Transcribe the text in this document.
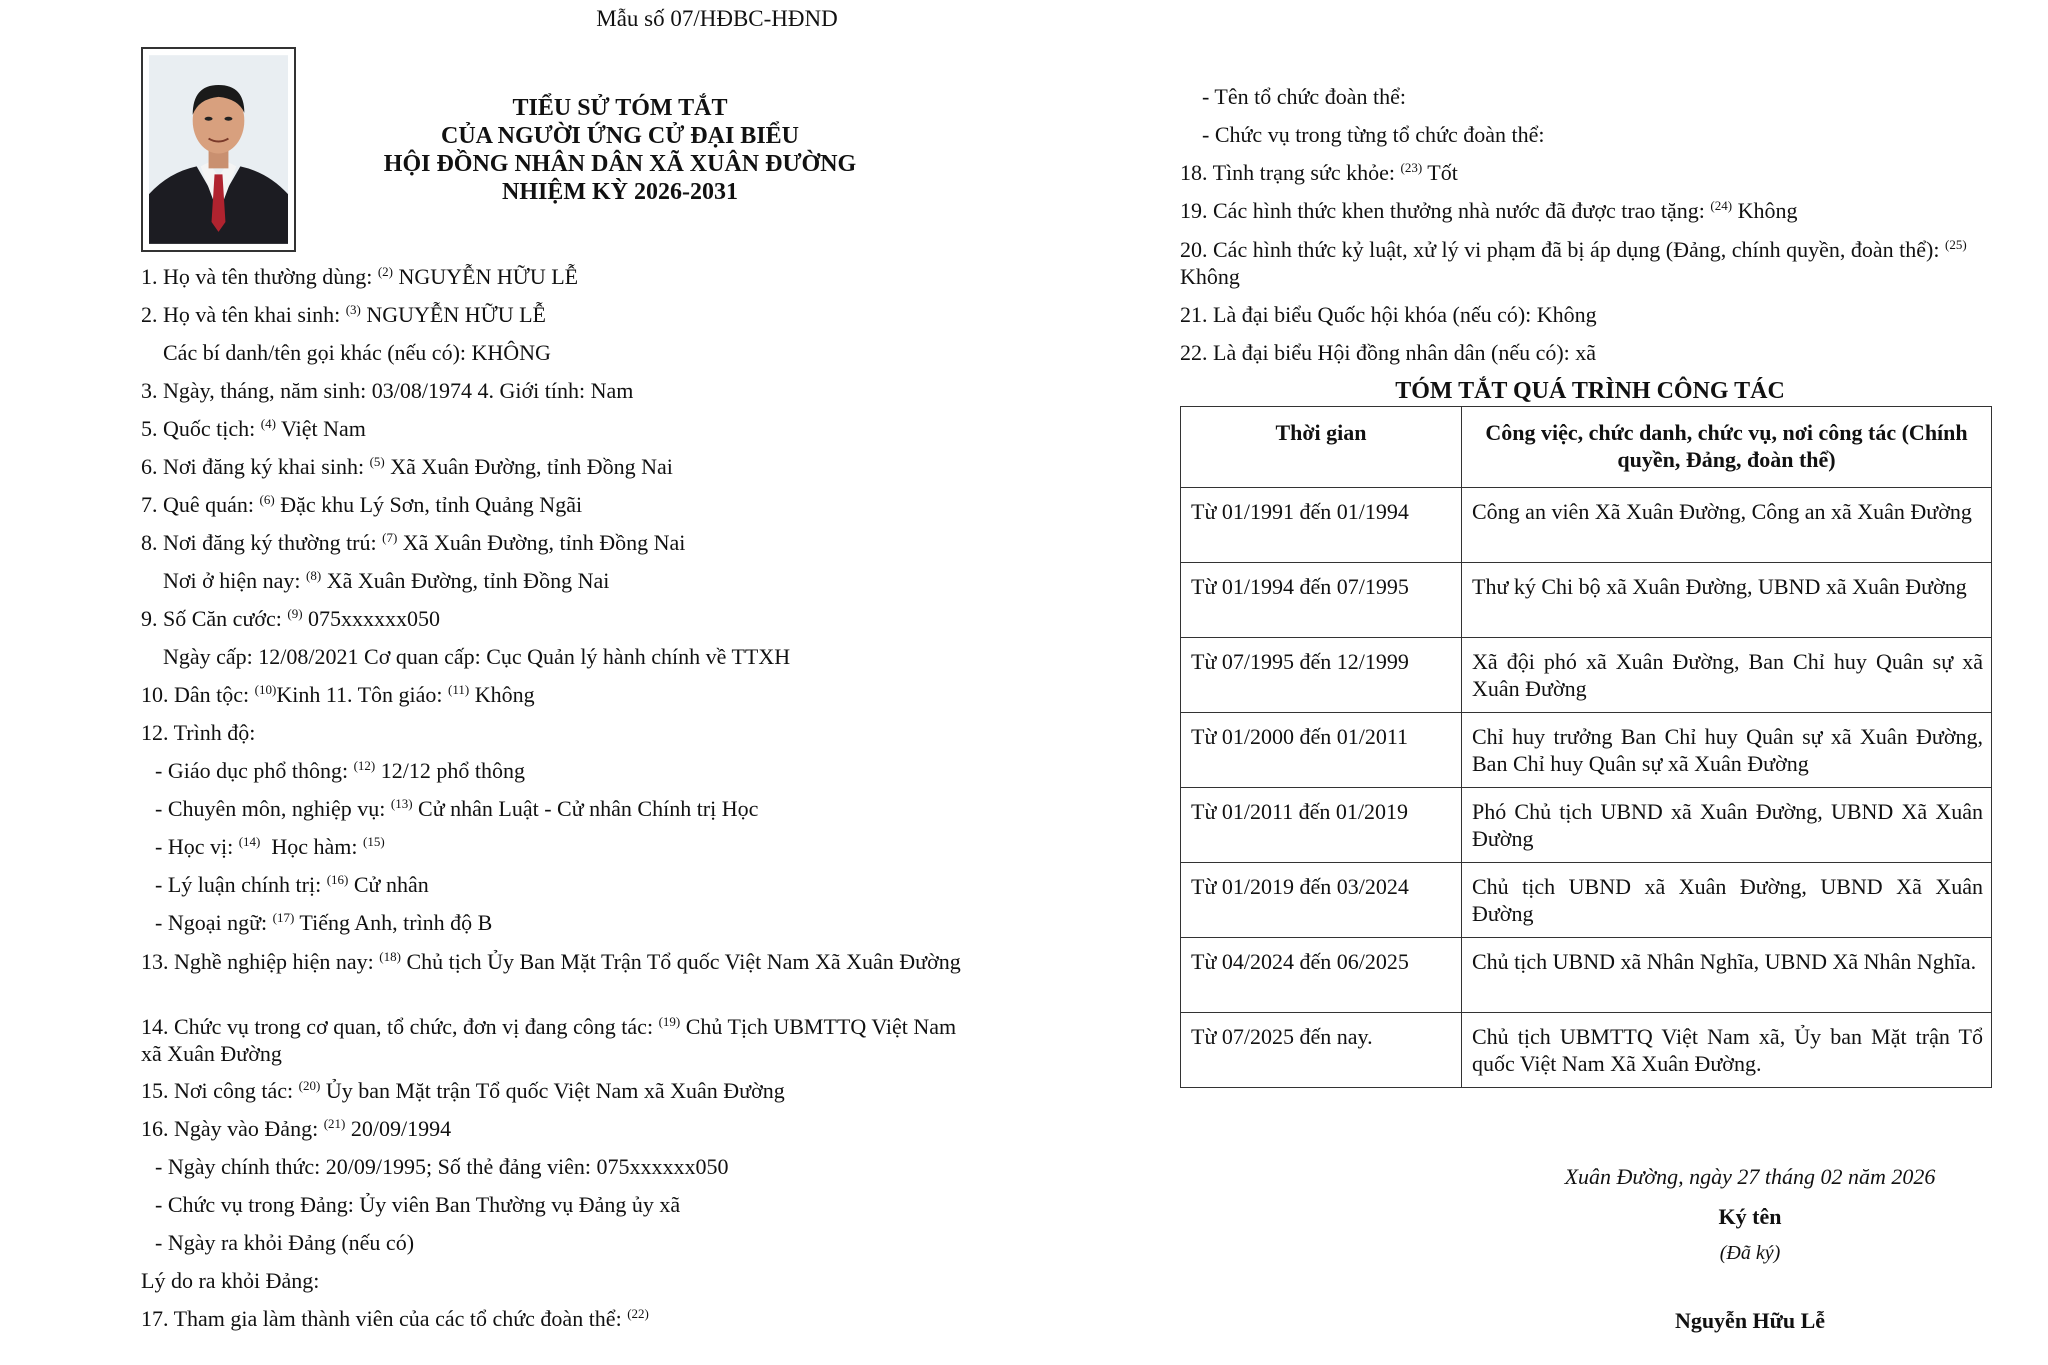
Mẫu số 07/HĐBC-HĐND
TIỂU SỬ TÓM TẮT
CỦA NGƯỜI ỨNG CỬ ĐẠI BIỂU
HỘI ĐỒNG NHÂN DÂN XÃ XUÂN ĐƯỜNG
NHIỆM KỲ 2026-2031
1. Họ và tên thường dùng: $^{(2)}$ NGUYỄN HỮU LỄ
2. Họ và tên khai sinh: $^{(3)}$ NGUYỄN HỮU LỄ
Các bí danh/tên gọi khác (nếu có): KHÔNG
3. Ngày, tháng, năm sinh: 03/08/1974 4. Giới tính: Nam
5. Quốc tịch: $^{(4)}$ Việt Nam
6. Nơi đăng ký khai sinh: $^{(5)}$ Xã Xuân Đường, tỉnh Đồng Nai
7. Quê quán: $^{(6)}$ Đặc khu Lý Sơn, tỉnh Quảng Ngãi
8. Nơi đăng ký thường trú: $^{(7)}$ Xã Xuân Đường, tỉnh Đồng Nai
Nơi ở hiện nay: $^{(8)}$ Xã Xuân Đường, tỉnh Đồng Nai
9. Số Căn cước: $^{(9)}$ 075xxxxxx050
Ngày cấp: 12/08/2021 Cơ quan cấp: Cục Quản lý hành chính về TTXH
10. Dân tộc: $^{(10)}$Kinh 11. Tôn giáo: $^{(11)}$ Không
12. Trình độ:
- Giáo dục phổ thông: $^{(12)}$ 12/12 phổ thông
- Chuyên môn, nghiệp vụ: $^{(13)}$ Cử nhân Luật - Cử nhân Chính trị Học
- Học vị: $^{(14)}$  Học hàm: $^{(15)}$
- Lý luận chính trị: $^{(16)}$ Cử nhân
- Ngoại ngữ: $^{(17)}$ Tiếng Anh, trình độ B
13. Nghề nghiệp hiện nay: $^{(18)}$ Chủ tịch Ủy Ban Mặt Trận Tổ quốc Việt Nam Xã Xuân Đường
14. Chức vụ trong cơ quan, tổ chức, đơn vị đang công tác: $^{(19)}$ Chủ Tịch UBMTTQ Việt Nam xã Xuân Đường
15. Nơi công tác: $^{(20)}$ Ủy ban Mặt trận Tổ quốc Việt Nam xã Xuân Đường
16. Ngày vào Đảng: $^{(21)}$ 20/09/1994
- Ngày chính thức: 20/09/1995; Số thẻ đảng viên: 075xxxxxx050
- Chức vụ trong Đảng: Ủy viên Ban Thường vụ Đảng ủy xã
- Ngày ra khỏi Đảng (nếu có)
Lý do ra khỏi Đảng:
17. Tham gia làm thành viên của các tổ chức đoàn thể: $^{(22)}$
- Tên tổ chức đoàn thể:
- Chức vụ trong từng tổ chức đoàn thể:
18. Tình trạng sức khỏe: $^{(23)}$ Tốt
19. Các hình thức khen thưởng nhà nước đã được trao tặng: $^{(24)}$ Không
20. Các hình thức kỷ luật, xử lý vi phạm đã bị áp dụng (Đảng, chính quyền, đoàn thể): $^{(25)}$ Không
21. Là đại biểu Quốc hội khóa (nếu có): Không
22. Là đại biểu Hội đồng nhân dân (nếu có): xã
TÓM TẮT QUÁ TRÌNH CÔNG TÁC
Thời gian	Công việc, chức danh, chức vụ, nơi công tác (Chính quyền, Đảng, đoàn thể)
Từ 01/1991 đến 01/1994	Công an viên Xã Xuân Đường, Công an xã Xuân Đường
Từ 01/1994 đến 07/1995	Thư ký Chi bộ xã Xuân Đường, UBND xã Xuân Đường
Từ 07/1995 đến 12/1999	Xã đội phó xã Xuân Đường, Ban Chỉ huy Quân sự xã Xuân Đường
Từ 01/2000 đến 01/2011	Chỉ huy trưởng Ban Chỉ huy Quân sự xã Xuân Đường, Ban Chỉ huy Quân sự xã Xuân Đường
Từ 01/2011 đến 01/2019	Phó Chủ tịch UBND xã Xuân Đường, UBND Xã Xuân Đường
Từ 01/2019 đến 03/2024	Chủ tịch UBND xã Xuân Đường, UBND Xã Xuân Đường
Từ 04/2024 đến 06/2025	Chủ tịch UBND xã Nhân Nghĩa, UBND Xã Nhân Nghĩa.
Từ 07/2025 đến nay.	Chủ tịch UBMTTQ Việt Nam xã, Ủy ban Mặt trận Tổ quốc Việt Nam Xã Xuân Đường.
Xuân Đường, ngày 27 tháng 02 năm 2026
Ký tên
(Đã ký)
Nguyễn Hữu Lễ
